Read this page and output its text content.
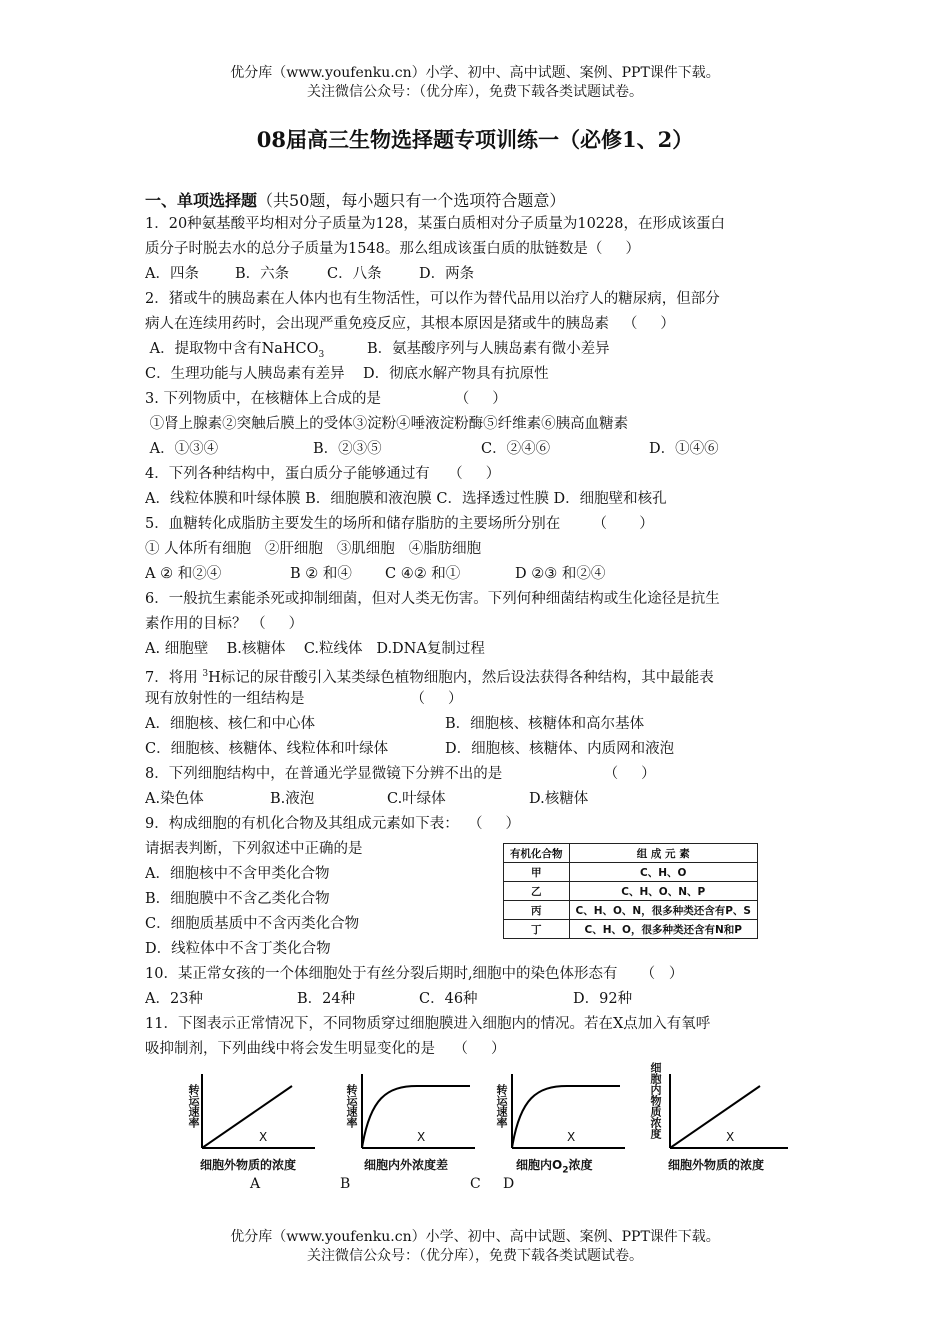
优分库（www.youfenku.cn）小学、初中、高中试题、案例、PPT课件下载。
关注微信公众号：（优分库），免费下载各类试题试卷。
08届高三生物选择题专项训练一（必修1、2）
一、单项选择题（共50题，每小题只有一个选项符合题意）
1．20种氨基酸平均相对分子质量为128，某蛋白质相对分子质量为10228，在形成该蛋白
质分子时脱去水的总分子质量为1548。那么组成该蛋白质的肽链数是（     ）
A．四条	B．六条	C．八条	D．两条
2．猪或牛的胰岛素在人体内也有生物活性，可以作为替代品用以治疗人的糖尿病，但部分
病人在连续用药时，会出现严重免疫反应，其根本原因是猪或牛的胰岛素   （     ）
A．提取物中含有NaHCO$_3$	B．氨基酸序列与人胰岛素有微小差异
C．生理功能与人胰岛素有差异    D．彻底水解产物具有抗原性
3. 下列物质中，在核糖体上合成的是                （     ）
①肾上腺素②突触后膜上的受体③淀粉④唾液淀粉酶⑤纤维素⑥胰高血糖素
A．①③④	B．②③⑤	C．②④⑥	D．①④⑥
4．下列各种结构中，蛋白质分子能够通过有    （     ）
A．线粒体膜和叶绿体膜 B．细胞膜和液泡膜 C．选择透过性膜 D．细胞壁和核孔
5．血糖转化成脂肪主要发生的场所和储存脂肪的主要场所分别在       （       ）
① 人体所有细胞   ②肝细胞   ③肌细胞   ④脂肪细胞
A ② 和②④	B ② 和④	C ④② 和①	D ②③ 和②④
6．一般抗生素能杀死或抑制细菌，但对人类无伤害。下列何种细菌结构或生化途径是抗生
素作用的目标？ （     ）
A. 细胞壁    B.核糖体    C.粒线体   D.DNA复制过程
7．将用 $^3$H标记的尿苷酸引入某类绿色植物细胞内，然后设法获得各种结构，其中最能表
现有放射性的一组结构是                       （     ）
A．细胞核、核仁和中心体	B．细胞核、核糖体和高尔基体
C．细胞核、核糖体、线粒体和叶绿体	D．细胞核、核糖体、内质网和液泡
8．下列细胞结构中，在普通光学显微镜下分辨不出的是                      （     ）
A.染色体	B.液泡	C.叶绿体	D.核糖体
9．构成细胞的有机化合物及其组成元素如下表：  （     ）
请据表判断，下列叙述中正确的是
A．细胞核中不含甲类化合物
B．细胞膜中不含乙类化合物
C．细胞质基质中不含丙类化合物
D．线粒体中不含丁类化合物
有机化合物	组 成 元 素
甲	C、H、O
乙	C、H、O、N、P
丙	C、H、O、N，很多种类还含有P、S
丁	C、H、O，很多种类还含有N和P
10．某正常女孩的一个体细胞处于有丝分裂后期时,细胞中的染色体形态有     （   ）
A．23种	B．24种	C．46种	D．92种
11．下图表示正常情况下，不同物质穿过细胞膜进入细胞内的情况。若在X点加入有氧呼
吸抑制剂，下列曲线中将会发生明显变化的是    （     ）
转运速率
X
细胞外物质的浓度
A
转运速率
X
细胞内外浓度差
B
转运速率
X
细胞内$O_2$浓度
C
细胞内物质浓度	X
细胞外物质的浓度
D
优分库（www.youfenku.cn）小学、初中、高中试题、案例、PPT课件下载。
关注微信公众号：（优分库），免费下载各类试题试卷。
